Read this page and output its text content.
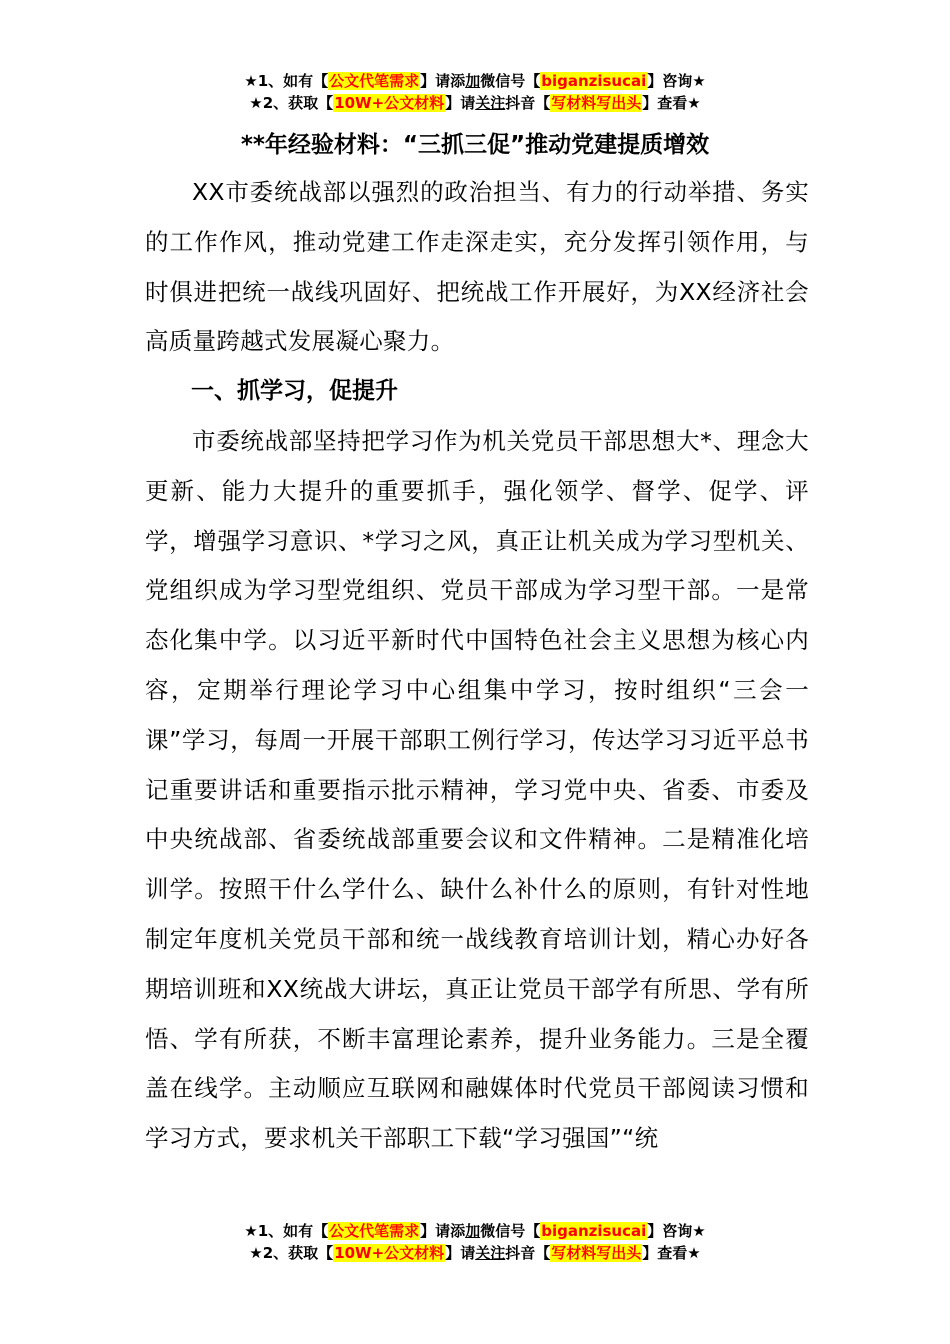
★1、如有【公文代笔需求】请添加微信号【biganzisucai】咨询★
★2、获取【10W+公文材料】请关注抖音【写材料写出头】查看★
**年经验材料：“三抓三促”推动党建提质增效

XX市委统战部以强烈的政治担当、有力的行动举措、务实的工作作风，推动党建工作走深走实，充分发挥引领作用，与时俱进把统一战线巩固好、把统战工作开展好，为XX经济社会高质量跨越式发展凝心聚力。

一、抓学习，促提升

市委统战部坚持把学习作为机关党员干部思想大*、理念大更新、能力大提升的重要抓手，强化领学、督学、促学、评学，增强学习意识、*学习之风，真正让机关成为学习型机关、党组织成为学习型党组织、党员干部成为学习型干部。一是常态化集中学。以习近平新时代中国特色社会主义思想为核心内容，定期举行理论学习中心组集中学习，按时组织“三会一课”学习，每周一开展干部职工例行学习，传达学习习近平总书记重要讲话和重要指示批示精神，学习党中央、省委、市委及中央统战部、省委统战部重要会议和文件精神。二是精准化培训学。按照干什么学什么、缺什么补什么的原则，有针对性地制定年度机关党员干部和统一战线教育培训计划，精心办好各期培训班和XX统战大讲坛，真正让党员干部学有所思、学有所悟、学有所获，不断丰富理论素养，提升业务能力。三是全覆盖在线学。主动顺应互联网和融媒体时代党员干部阅读习惯和学习方式，要求机关干部职工下载“学习强国”“统

★1、如有【公文代笔需求】请添加微信号【biganzisucai】咨询★
★2、获取【10W+公文材料】请关注抖音【写材料写出头】查看★
